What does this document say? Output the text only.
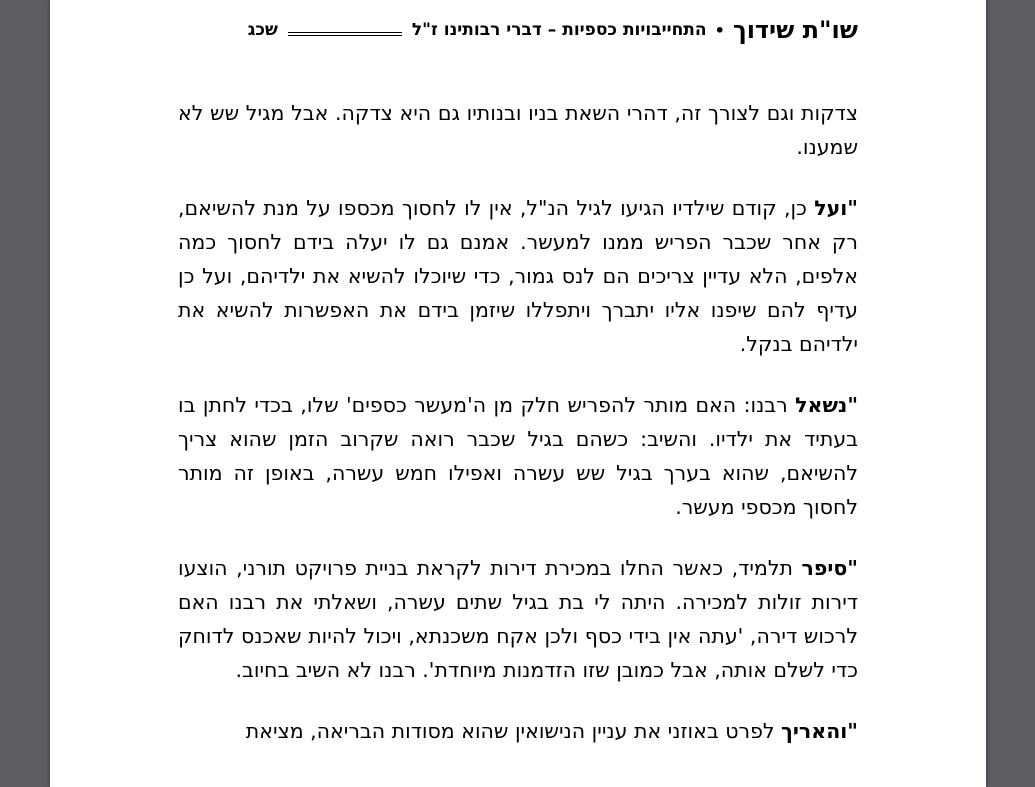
שו"ת שידוך
•
התחייבויות כספיות – דברי רבותינו ז"ל
שכג

צדקות וגם לצורך זה, דהרי השאת בניו ובנותיו גם היא צדקה. אבל מגיל שש לא שמענו.

"ועל כן, קודם שילדיו הגיעו לגיל הנ"ל, אין לו לחסוך מכספו על מנת להשיאם, רק אחר שכבר הפריש ממנו למעשר. אמנם גם לו יעלה בידם לחסוך כמה אלפים, הלא עדיין צריכים הם לנס גמור, כדי שיוכלו להשיא את ילדיהם, ועל כן עדיף להם שיפנו אליו יתברך ויתפללו שיזמן בידם את האפשרות להשיא את ילדיהם בנקל.

"נשאל רבנו: האם מותר להפריש חלק מן ה'מעשר כספים' שלו, בכדי לחתן בו בעתיד את ילדיו. והשיב: כשהם בגיל שכבר רואה שקרוב הזמן שהוא צריך להשיאם, שהוא בערך בגיל שש עשרה ואפילו חמש עשרה, באופן זה מותר לחסוך מכספי מעשר.

"סיפר תלמיד, כאשר החלו במכירת דירות לקראת בניית פרויקט תורני, הוצעו דירות זולות למכירה. היתה לי בת בגיל שתים עשרה, ושאלתי את רבנו האם לרכוש דירה, 'עתה אין בידי כסף ולכן אקח משכנתא, ויכול להיות שאכנס לדוחק כדי לשלם אותה, אבל כמובן שזו הזדמנות מיוחדת'. רבנו לא השיב בחיוב.

"והאריך לפרט באוזני את עניין הנישואין שהוא מסודות הבריאה, מציאת
